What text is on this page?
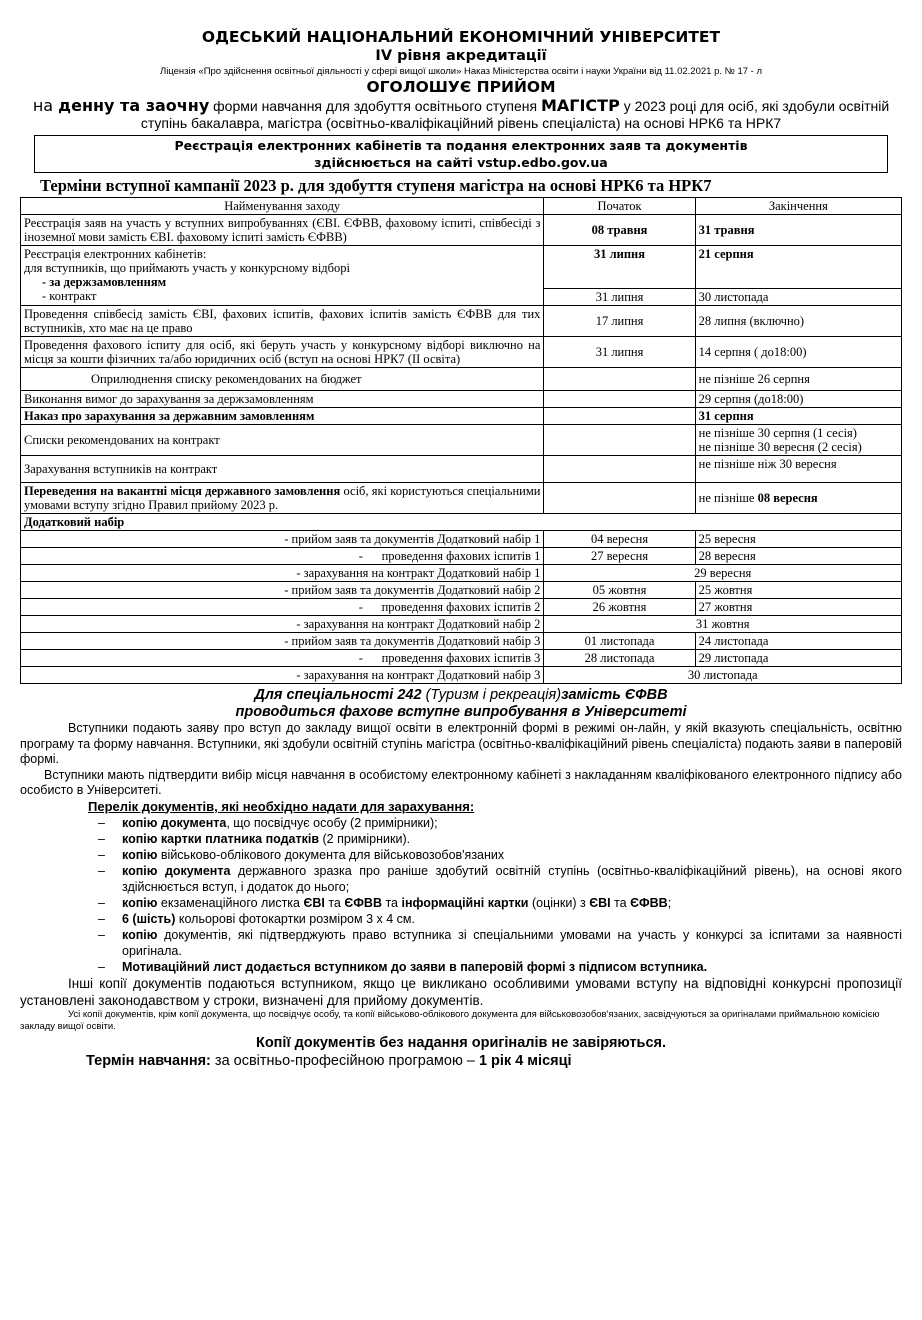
ОДЕСЬКИЙ НАЦІОНАЛЬНИЙ ЕКОНОМІЧНИЙ УНІВЕРСИТЕТ
IV рівня акредитації
Ліцензія «Про здійснення освітньої діяльності у сфері вищої школи» Наказ Міністерства освіти і науки України від 11.02.2021 р. № 17 - л
ОГОЛОШУЄ ПРИЙОМ
на денну та заочну форми навчання для здобуття освітнього ступеня МАГІСТР у 2023 році для осіб, які здобули освітній ступінь бакалавра, магістра (освітньо-кваліфікаційний рівень спеціаліста) на основі НРК6 та НРК7
Реєстрація електронних кабінетів та подання електронних заяв та документів
здійснюється на сайті vstup.edbo.gov.ua
Терміни вступної кампанії 2023 р. для здобуття ступеня магістра на основі НРК6 та НРК7
Найменування заходу	Початок	Закінчення
Реєстрація заяв на участь у вступних випробуваннях (ЄВІ. ЄФВВ, фаховому іспиті, співбесіді з іноземної мови замість ЄВІ. фаховому іспиті замість ЄФВВ)	08 травня	31 травня

Реєстрація електронних кабінетів:
для вступників, що приймають участь у конкурсному відборі
- за держзамовленням
- контракт	31 липня	21 серпня
	31 липня	30 листопада
Проведення співбесід замість ЄВІ, фахових іспитів, фахових іспитів замість ЄФВВ для тих вступників, хто має на це право	17 липня	28 липня (включно)
Проведення фахового іспиту для осіб, які беруть участь у конкурсному відборі виключно на місця за кошти фізичних та/або юридичних осіб (вступ на основі НРК7 (ІІ освіта)	31 липня	14 серпня ( до18:00)
Оприлюднення списку рекомендованих на бюджет		не пізніше 26 серпня
Виконання вимог до зарахування за держзамовленням		29 серпня (до18:00)
Наказ про зарахування за державним замовленням		31 серпня
Списки рекомендованих на контракт		не пізніше 30 серпня (1 сесія)
не пізніше 30 вересня (2 сесія)

Зарахування вступників на контракт		не пізніше ніж 30 вересня
Переведення на вакантні місця державного замовлення осіб, які користуються спеціальними умовами вступу згідно Правил прийому 2023 р.		не пізніше 08 вересня
Додатковий набір		
- прийом заяв та документів Додатковий набір 1	04 вересня	25 вересня
-      проведення фахових іспитів 1	27 вересня	28 вересня
- зарахування на контракт Додатковий набір 1	29 вересня	
- прийом заяв та документів Додатковий набір 2	05 жовтня	25 жовтня
-      проведення фахових іспитів 2	26 жовтня	27 жовтня
- зарахування на контракт Додатковий набір 2	31 жовтня	
- прийом заяв та документів Додатковий набір 3	01 листопада	24 листопада
-      проведення фахових іспитів 3	28 листопада	29 листопада
- зарахування на контракт Додатковий набір 3	30 листопада	
Для спеціальності 242 (Туризм і рекреація)замість ЄФВВ
проводиться фахове вступне випробування в Університеті
Вступники подають заяву про вступ до закладу вищої освіти в електронній формі в режимі он-лайн, у якій вказують спеціальність, освітню програму та форму навчання. Вступники, які здобули освітній ступінь магістра (освітньо-кваліфікаційний рівень спеціаліста) подають заяви в паперовій формі.
Вступники мають підтвердити вибір місця навчання в особистому електронному кабінеті з накладанням кваліфікованого електронного підпису або особисто в Університеті.
Перелік документів, які необхідно надати для зарахування:
– копію документа, що посвідчує особу (2 примірники);
– копію картки платника податків (2 примірники).
– копію військово-облікового документа для військовозобов'язаних
– копію документа державного зразка про раніше здобутий освітній ступінь (освітньо-кваліфікаційний рівень), на основі якого здійснюється вступ, і додаток до нього;
– копію екзаменаційного листка ЄВІ та ЄФВВ та інформаційні картки (оцінки) з ЄВІ та ЄФВВ;
– 6 (шість) кольорові фотокартки розміром 3 х 4 см.
– копію документів, які підтверджують право вступника зі спеціальними умовами на участь у конкурсі за іспитами за наявності оригінала.
– Мотиваційний лист додається вступником до заяви в паперовій формі з підписом вступника.
Інші копії документів подаються вступником, якщо це викликано особливими умовами вступу на відповідні конкурсні пропозиції установлені законодавством у строки, визначені для прийому документів.
Усі копії документів, крім копії документа, що посвідчує особу, та копії військово-облікового документа для військовозобов'язаних, засвідчуються за оригіналами приймальною комісією закладу вищої освіти.
Копії документів без надання оригіналів не завіряються.
Термін навчання: за освітньо-професійною програмою – 1 рік 4 місяці
